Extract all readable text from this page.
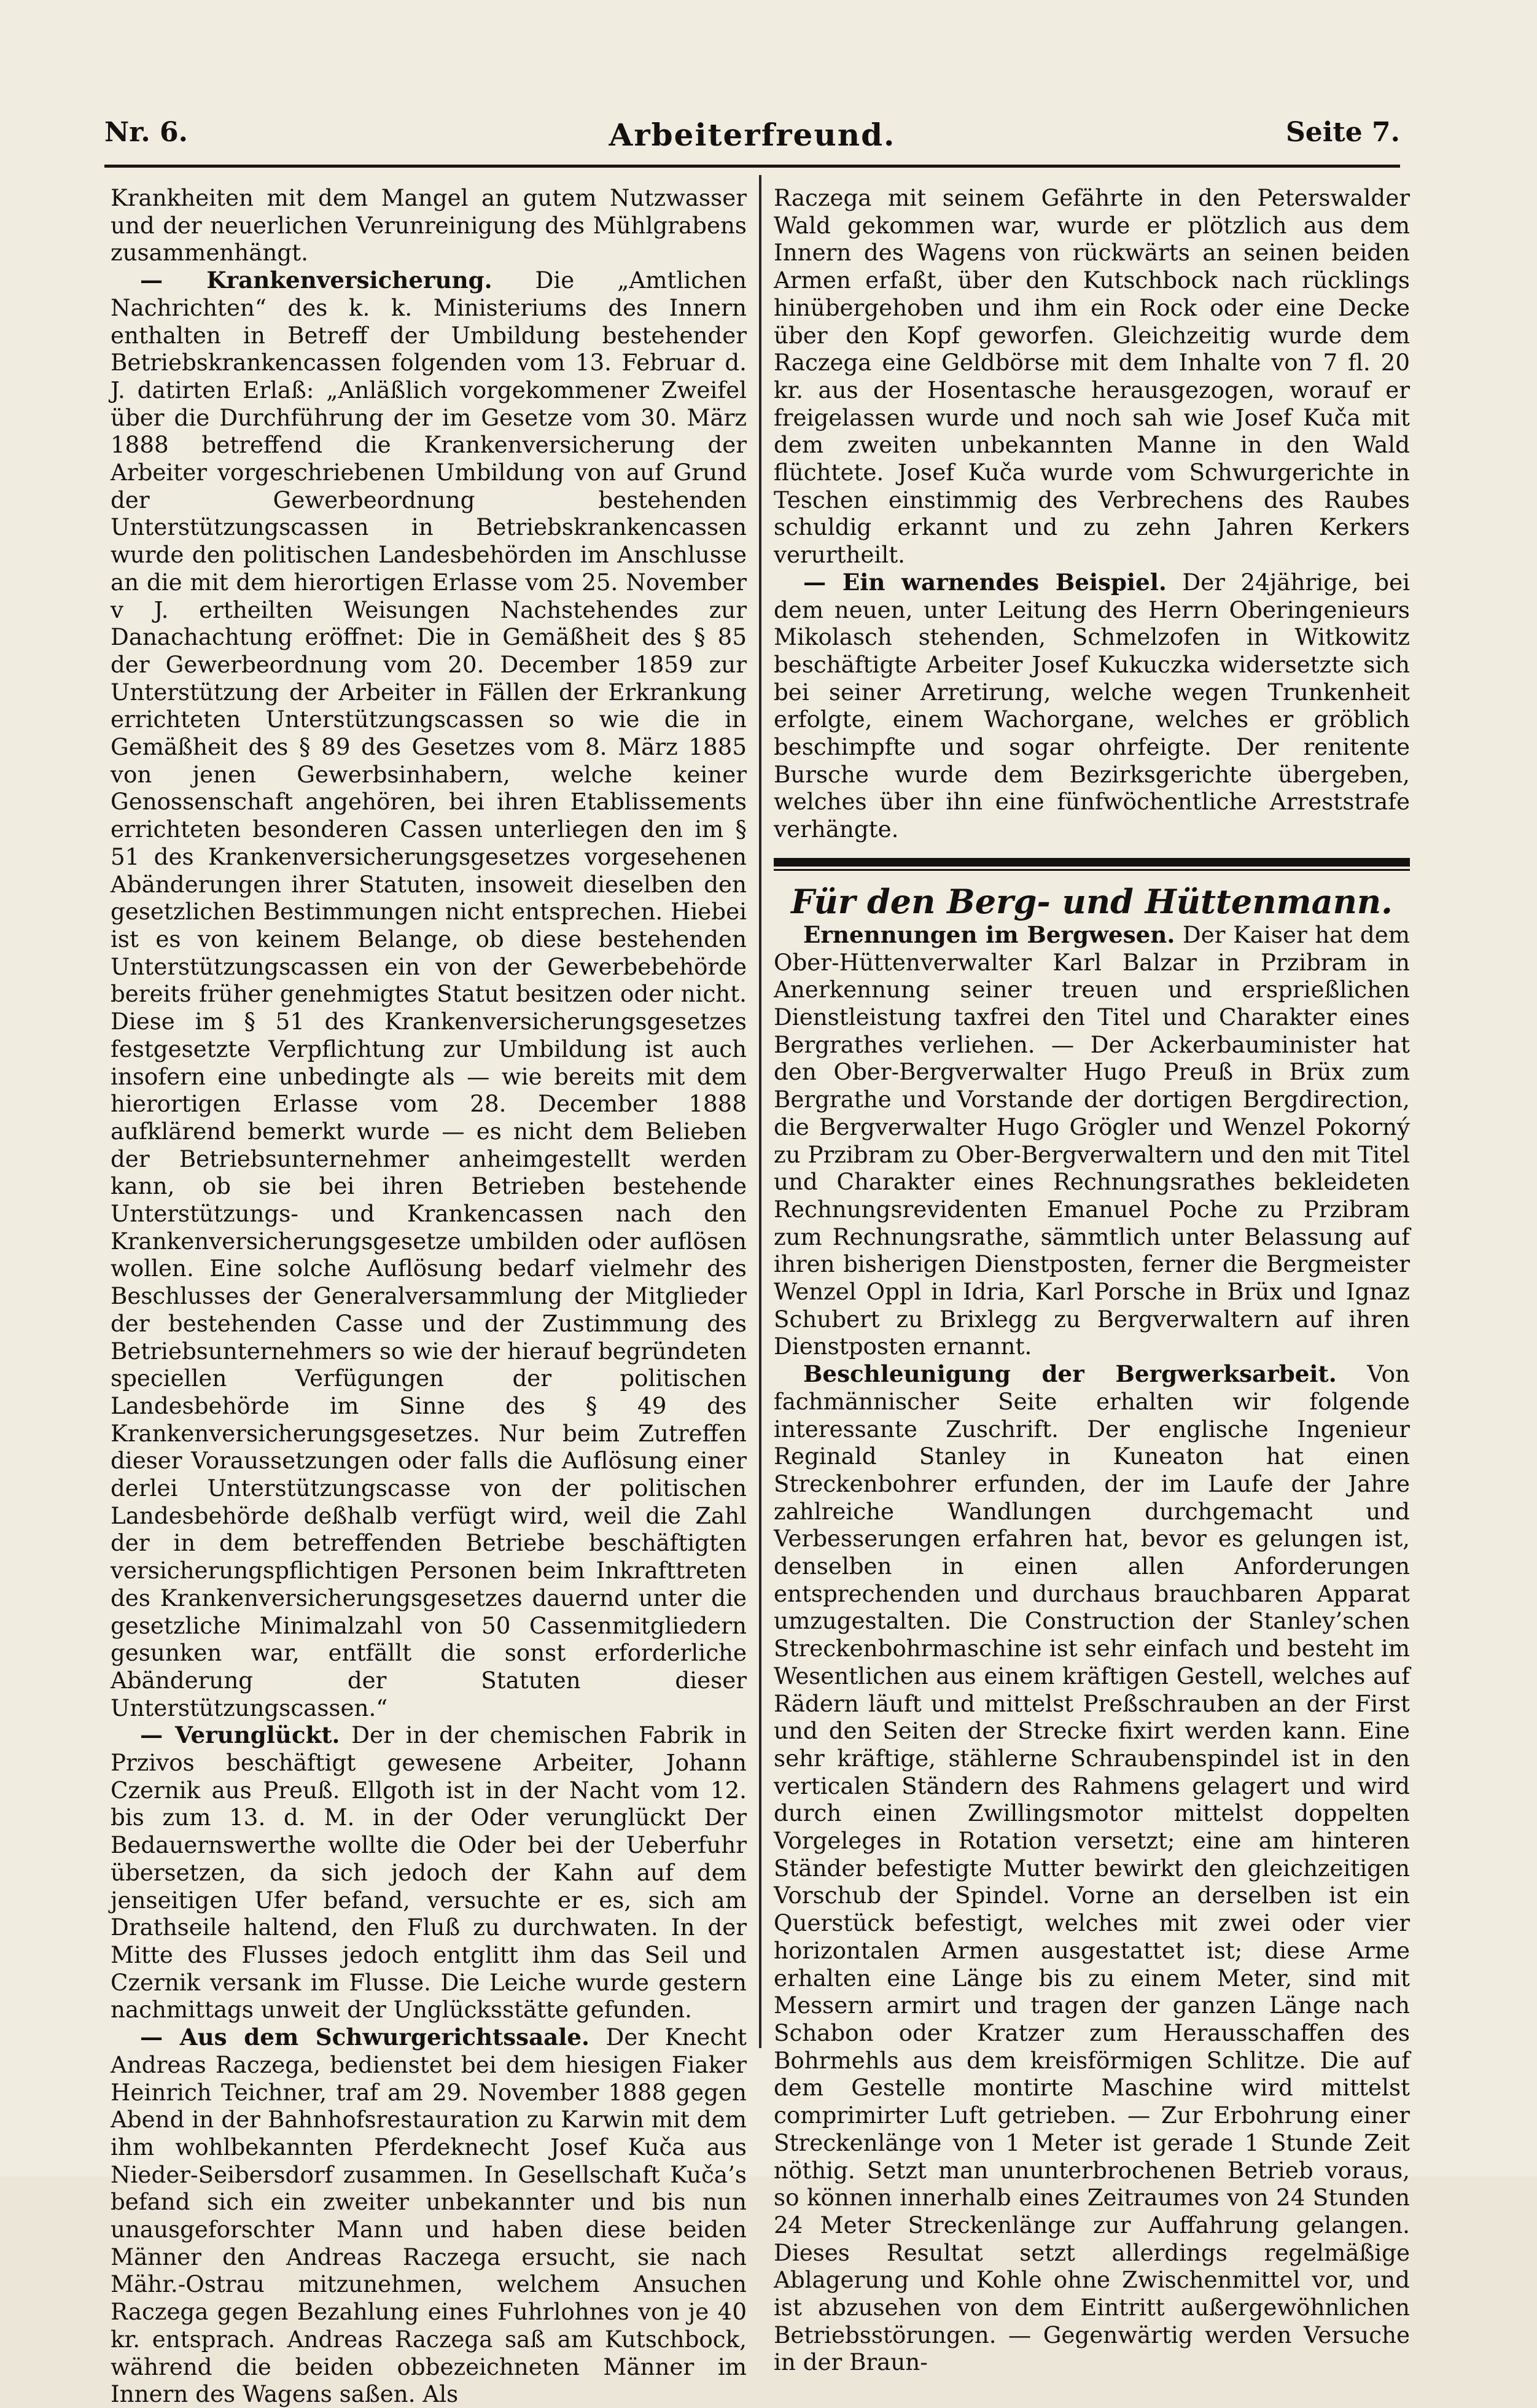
Nr. 6.	Arbeiterfreund.	Seite 7.

Krankheiten mit dem Mangel an gutem Nutzwasser und der neuerlichen Verunreinigung des Mühlgrabens zusammenhängt.

— Krankenversicherung. Die „Amtlichen Nachrichten“ des k. k. Ministeriums des Innern enthalten in Betreff der Umbildung bestehender Betriebskrankencassen folgenden vom 13. Februar d. J. datirten Erlaß: „Anläßlich vorgekommener Zweifel über die Durchführung der im Gesetze vom 30. März 1888 betreffend die Krankenversicherung der Arbeiter vorgeschriebenen Umbildung von auf Grund der Gewerbeordnung bestehenden Unterstützungscassen in Betriebskrankencassen wurde den politischen Landesbehörden im Anschlusse an die mit dem hierortigen Erlasse vom 25. November v J. ertheilten Weisungen Nachstehendes zur Danachachtung eröffnet: Die in Gemäßheit des § 85 der Gewerbeordnung vom 20. December 1859 zur Unterstützung der Arbeiter in Fällen der Erkrankung errichteten Unterstützungscassen so wie die in Gemäßheit des § 89 des Gesetzes vom 8. März 1885 von jenen Gewerbsinhabern, welche keiner Genossenschaft angehören, bei ihren Etablissements errichteten besonderen Cassen unterliegen den im § 51 des Krankenversicherungsgesetzes vorgesehenen Abänderungen ihrer Statuten, insoweit dieselben den gesetzlichen Bestimmungen nicht entsprechen. Hiebei ist es von keinem Belange, ob diese bestehenden Unterstützungscassen ein von der Gewerbebehörde bereits früher genehmigtes Statut besitzen oder nicht. Diese im § 51 des Krankenversicherungsgesetzes festgesetzte Verpflichtung zur Umbildung ist auch insofern eine unbedingte als — wie bereits mit dem hierortigen Erlasse vom 28. December 1888 aufklärend bemerkt wurde — es nicht dem Belieben der Betriebsunternehmer anheimgestellt werden kann, ob sie bei ihren Betrieben bestehende Unterstützungs- und Krankencassen nach den Krankenversicherungsgesetze umbilden oder auflösen wollen. Eine solche Auflösung bedarf vielmehr des Beschlusses der Generalversammlung der Mitglieder der bestehenden Casse und der Zustimmung des Betriebsunternehmers so wie der hierauf begründeten speciellen Verfügungen der politischen Landesbehörde im Sinne des § 49 des Krankenversicherungsgesetzes. Nur beim Zutreffen dieser Voraussetzungen oder falls die Auflösung einer derlei Unterstützungscasse von der politischen Landesbehörde deßhalb verfügt wird, weil die Zahl der in dem betreffenden Betriebe beschäftigten versicherungspflichtigen Personen beim Inkrafttreten des Krankenversicherungsgesetzes dauernd unter die gesetzliche Minimalzahl von 50 Cassenmitgliedern gesunken war, entfällt die sonst erforderliche Abänderung der Statuten dieser Unterstützungscassen.“

— Verunglückt. Der in der chemischen Fabrik in Przivos beschäftigt gewesene Arbeiter, Johann Czernik aus Preuß. Ellgoth ist in der Nacht vom 12. bis zum 13. d. M. in der Oder verunglückt Der Bedauernswerthe wollte die Oder bei der Ueberfuhr übersetzen, da sich jedoch der Kahn auf dem jenseitigen Ufer befand, versuchte er es, sich am Drathseile haltend, den Fluß zu durchwaten. In der Mitte des Flusses jedoch entglitt ihm das Seil und Czernik versank im Flusse. Die Leiche wurde gestern nachmittags unweit der Unglücksstätte gefunden.

— Aus dem Schwurgerichtssaale. Der Knecht Andreas Raczega, bedienstet bei dem hiesigen Fiaker Heinrich Teichner, traf am 29. November 1888 gegen Abend in der Bahnhofsrestauration zu Karwin mit dem ihm wohlbekannten Pferdeknecht Josef Kuča aus Nieder-Seibersdorf zusammen. In Gesellschaft Kuča’s befand sich ein zweiter unbekannter und bis nun unausgeforschter Mann und haben diese beiden Männer den Andreas Raczega ersucht, sie nach Mähr.-Ostrau mitzunehmen, welchem Ansuchen Raczega gegen Bezahlung eines Fuhrlohnes von je 40 kr. entsprach. Andreas Raczega saß am Kutschbock, während die beiden obbezeichneten Männer im Innern des Wagens saßen. Als

Raczega mit seinem Gefährte in den Peterswalder Wald gekommen war, wurde er plötzlich aus dem Innern des Wagens von rückwärts an seinen beiden Armen erfaßt, über den Kutschbock nach rücklings hinübergehoben und ihm ein Rock oder eine Decke über den Kopf geworfen. Gleichzeitig wurde dem Raczega eine Geldbörse mit dem Inhalte von 7 fl. 20 kr. aus der Hosentasche herausgezogen, worauf er freigelassen wurde und noch sah wie Josef Kuča mit dem zweiten unbekannten Manne in den Wald flüchtete. Josef Kuča wurde vom Schwurgerichte in Teschen einstimmig des Verbrechens des Raubes schuldig erkannt und zu zehn Jahren Kerkers verurtheilt.

— Ein warnendes Beispiel. Der 24jährige, bei dem neuen, unter Leitung des Herrn Oberingenieurs Mikolasch stehenden, Schmelzofen in Witkowitz beschäftigte Arbeiter Josef Kukuczka widersetzte sich bei seiner Arretirung, welche wegen Trunkenheit erfolgte, einem Wachorgane, welches er gröblich beschimpfte und sogar ohrfeigte. Der renitente Bursche wurde dem Bezirksgerichte übergeben, welches über ihn eine fünfwöchentliche Arreststrafe verhängte.

Für den Berg- und Hüttenmann.

Ernennungen im Bergwesen. Der Kaiser hat dem Ober-Hüttenverwalter Karl Balzar in Przibram in Anerkennung seiner treuen und ersprießlichen Dienstleistung taxfrei den Titel und Charakter eines Bergrathes verliehen. — Der Ackerbauminister hat den Ober-Bergverwalter Hugo Preuß in Brüx zum Bergrathe und Vorstande der dortigen Bergdirection, die Bergverwalter Hugo Grögler und Wenzel Pokorný zu Przibram zu Ober-Bergverwaltern und den mit Titel und Charakter eines Rechnungsrathes bekleideten Rechnungsrevidenten Emanuel Poche zu Przibram zum Rechnungsrathe, sämmtlich unter Belassung auf ihren bisherigen Dienstposten, ferner die Bergmeister Wenzel Oppl in Idria, Karl Porsche in Brüx und Ignaz Schubert zu Brixlegg zu Bergverwaltern auf ihren Dienstposten ernannt.

Beschleunigung der Bergwerksarbeit. Von fachmännischer Seite erhalten wir folgende interessante Zuschrift. Der englische Ingenieur Reginald Stanley in Kuneaton hat einen Streckenbohrer erfunden, der im Laufe der Jahre zahlreiche Wandlungen durchgemacht und Verbesserungen erfahren hat, bevor es gelungen ist, denselben in einen allen Anforderungen entsprechenden und durchaus brauchbaren Apparat umzugestalten. Die Construction der Stanley’schen Streckenbohrmaschine ist sehr einfach und besteht im Wesentlichen aus einem kräftigen Gestell, welches auf Rädern läuft und mittelst Preßschrauben an der First und den Seiten der Strecke fixirt werden kann. Eine sehr kräftige, stählerne Schraubenspindel ist in den verticalen Ständern des Rahmens gelagert und wird durch einen Zwillingsmotor mittelst doppelten Vorgeleges in Rotation versetzt; eine am hinteren Ständer befestigte Mutter bewirkt den gleichzeitigen Vorschub der Spindel. Vorne an derselben ist ein Querstück befestigt, welches mit zwei oder vier horizontalen Armen ausgestattet ist; diese Arme erhalten eine Länge bis zu einem Meter, sind mit Messern armirt und tragen der ganzen Länge nach Schabon oder Kratzer zum Herausschaffen des Bohrmehls aus dem kreisförmigen Schlitze. Die auf dem Gestelle montirte Maschine wird mittelst comprimirter Luft getrieben. — Zur Erbohrung einer Streckenlänge von 1 Meter ist gerade 1 Stunde Zeit nöthig. Setzt man ununterbrochenen Betrieb voraus, so können innerhalb eines Zeitraumes von 24 Stunden 24 Meter Streckenlänge zur Auffahrung gelangen. Dieses Resultat setzt allerdings regelmäßige Ablagerung und Kohle ohne Zwischenmittel vor, und ist abzusehen von dem Eintritt außergewöhnlichen Betriebsstörungen. — Gegenwärtig werden Versuche in der Braun-
